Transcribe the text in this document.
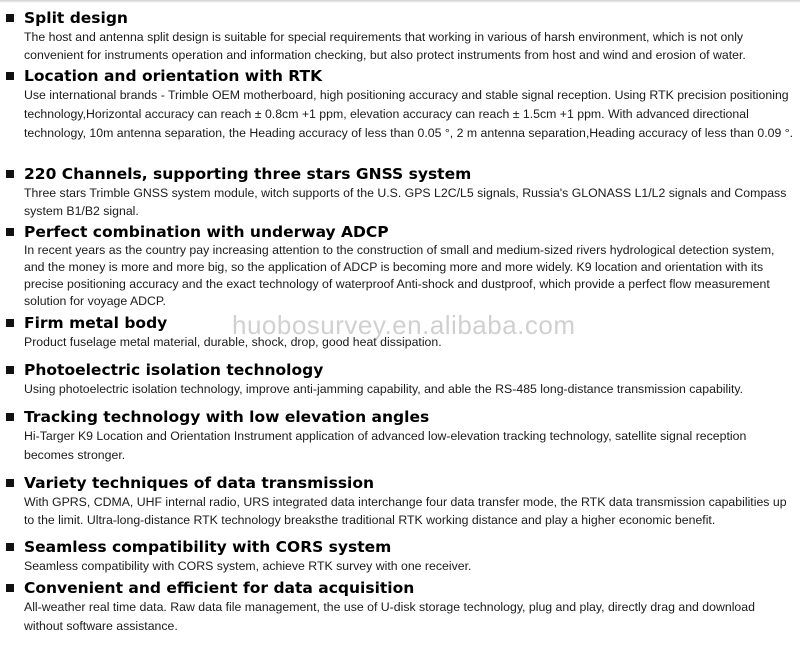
Split design
The host and antenna split design is suitable for special requirements that working in various of harsh environment, which is not only convenient for instruments operation and information checking, but also protect instruments from host and wind and erosion of water.
Location and orientation with RTK
Use international brands - Trimble OEM motherboard, high positioning accuracy and stable signal reception. Using RTK precision positioning technology,Horizontal accuracy can reach ± 0.8cm +1 ppm, elevation accuracy can reach ± 1.5cm +1 ppm. With advanced directional technology, 10m antenna separation, the Heading accuracy of less than 0.05 °, 2 m antenna separation,Heading accuracy of less than 0.09 °.
220 Channels, supporting three stars GNSS system
Three stars Trimble GNSS system module, witch supports of the U.S. GPS L2C/L5 signals, Russia's GLONASS L1/L2 signals and Compass system B1/B2 signal.
Perfect combination with underway ADCP
In recent years as the country pay increasing attention to the construction of small and medium-sized rivers hydrological detection system, and the money is more and more big, so the application of ADCP is becoming more and more widely. K9 location and orientation with its precise positioning accuracy and the exact technology of waterproof Anti-shock and dustproof, which provide a perfect flow measurement solution for voyage ADCP.
Firm metal body
Product fuselage metal material, durable, shock, drop, good heat dissipation.
Photoelectric isolation technology
Using photoelectric isolation technology, improve anti-jamming capability, and able the RS-485 long-distance transmission capability.
Tracking technology with low elevation angles
Hi-Targer K9 Location and Orientation Instrument application of advanced low-elevation tracking technology, satellite signal reception becomes stronger.
Variety techniques of data transmission
With GPRS, CDMA, UHF internal radio, URS integrated data interchange four data transfer mode, the RTK data transmission capabilities up to the limit. Ultra-long-distance RTK technology breaksthe traditional RTK working distance and play a higher economic benefit.
Seamless compatibility with CORS system
Seamless compatibility with CORS system, achieve RTK survey with one receiver.
Convenient and efficient for data acquisition
All-weather real time data. Raw data file management, the use of U-disk storage technology, plug and play, directly drag and download without software assistance.
huobosurvey.en.alibaba.com
